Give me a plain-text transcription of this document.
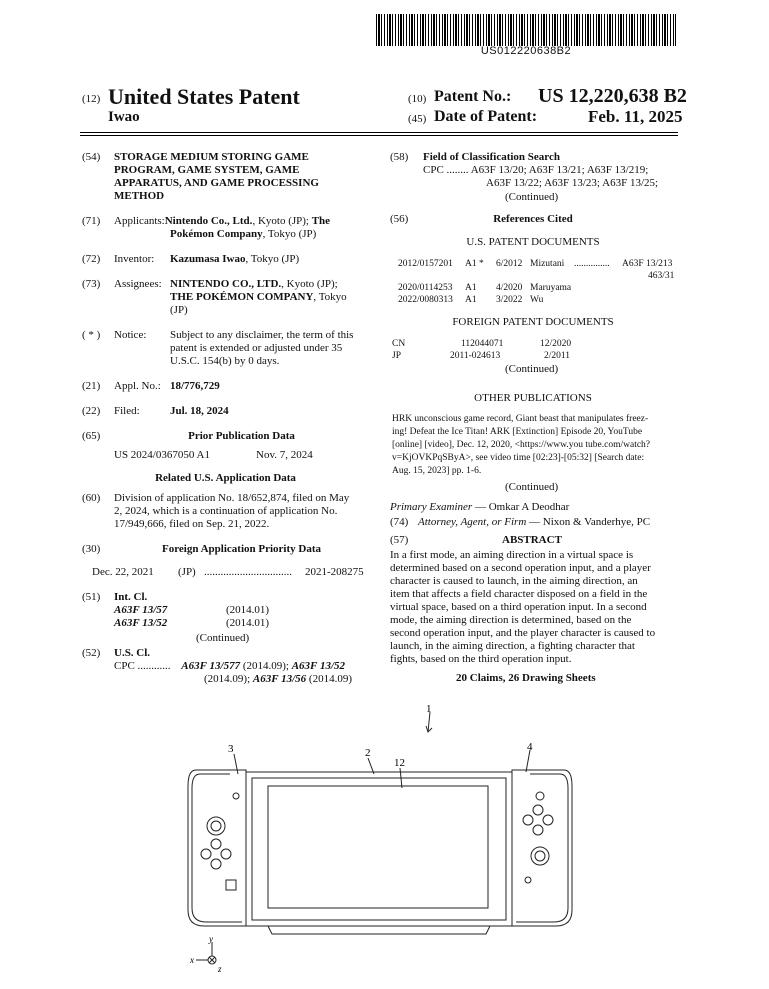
US012220638B2
(12) United States Patent
Iwao
(10) Patent No.: US 12,220,638 B2
(45) Date of Patent:	Feb. 11, 2025
(54) STORAGE MEDIUM STORING GAME
PROGRAM, GAME SYSTEM, GAME
APPARATUS, AND GAME PROCESSING
METHOD
(71) Applicants:Nintendo Co., Ltd., Kyoto (JP); The
Pokémon Company, Tokyo (JP)
(72) Inventor: Kazumasa Iwao, Tokyo (JP)
(73) Assignees: NINTENDO CO., LTD., Kyoto (JP);
THE POKÉMON COMPANY, Tokyo
(JP)
( * ) Notice: Subject to any disclaimer, the term of this
patent is extended or adjusted under 35
U.S.C. 154(b) by 0 days.
(21) Appl. No.: 18/776,729
(22) Filed:	Jul. 18, 2024
(65)	Prior Publication Data
US 2024/0367050 A1	Nov. 7, 2024
Related U.S. Application Data
(60) Division of application No. 18/652,874, filed on May
2, 2024, which is a continuation of application No.
17/949,666, filed on Sep. 21, 2022.
(30)	Foreign Application Priority Data
Dec. 22, 2021 (JP) ................................ 2021-208275
(51) Int. Cl.
A63F 13/57	(2014.01)
A63F 13/52	(2014.01)
(Continued)
(52) U.S. Cl.
CPC ............ A63F 13/577 (2014.09); A63F 13/52
(2014.09); A63F 13/56 (2014.09)
(58) Field of Classification Search
CPC ........ A63F 13/20; A63F 13/21; A63F 13/219;
A63F 13/22; A63F 13/23; A63F 13/25;
(Continued)
(56)	References Cited
U.S. PATENT DOCUMENTS
2012/0157201 A1 * 6/2012 Mizutani ............... A63F 13/213
463/31
2020/0114253 A1 4/2020 Maruyama
2022/0080313 A1 3/2022 Wu
FOREIGN PATENT DOCUMENTS
CN	112044071	12/2020
JP	2011-024613	2/2011
(Continued)
OTHER PUBLICATIONS
HRK unconscious game record, Giant beast that manipulates freez-
ing! Defeat the Ice Titan! ARK [Extinction] Episode 20, YouTube
[online] [video], Dec. 12, 2020, <https://www.you tube.com/watch?
v=KjOVKPqSByA>, see video time [02:23]-[05:32] [Search date:
Aug. 15, 2023] pp. 1-6.
(Continued)
Primary Examiner — Omkar A Deodhar
(74) Attorney, Agent, or Firm — Nixon & Vanderhye, PC
(57)	ABSTRACT
In a first mode, an aiming direction in a virtual space is
determined based on a second operation input, and a player
character is caused to launch, in the aiming direction, an
item that affects a field character disposed on a field in the
virtual space, based on a third operation input. In a second
mode, the aiming direction is determined, based on the
second operation input, and the player character is caused to
launch, in the aiming direction, a fighting character that
fights, based on the third operation input.
20 Claims, 26 Drawing Sheets
1
2
3	4
12
y
x
z
